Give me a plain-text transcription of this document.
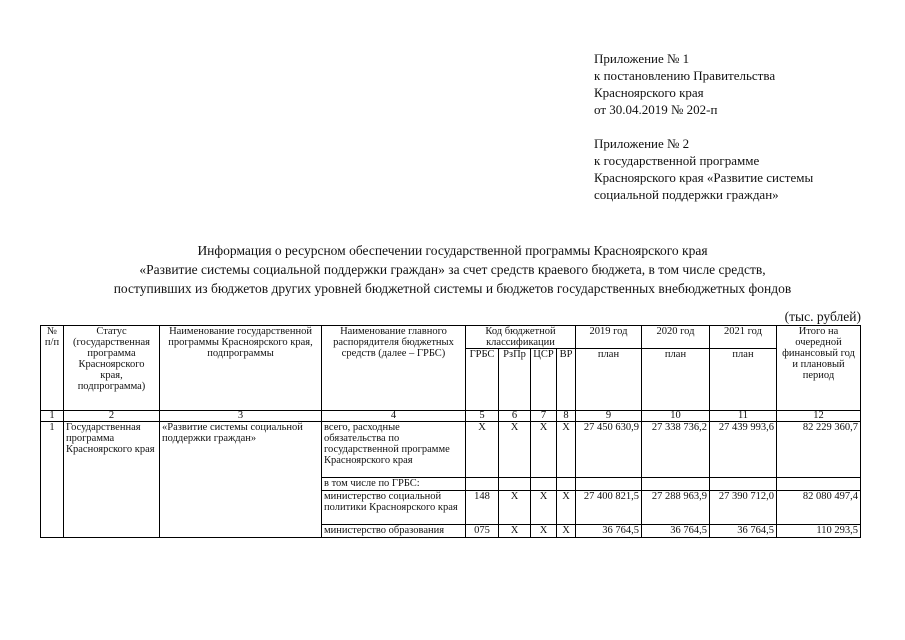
Приложение № 1
к постановлению Правительства
Красноярского края
от 30.04.2019 № 202-п
Приложение № 2
к государственной программе
Красноярского края «Развитие системы
социальной поддержки граждан»
Информация о ресурсном обеспечении государственной программы Красноярского края
«Развитие системы социальной поддержки граждан» за счет средств краевого бюджета, в том числе средств,
поступивших из бюджетов других уровней бюджетной системы и бюджетов государственных внебюджетных фондов
(тыс. рублей)
№ п/п	Статус (государственная программа Красноярского края, подпрограмма)	Наименование государственной программы Красноярского края, подпрограммы	Наименование главного распорядителя бюджетных средств (далее – ГРБС)	Код бюджетной классификации				2019 год	2020 год	2021 год	Итого на очередной финансовый год и плановый период
				ГРБС	РзПр	ЦСР	ВР	план	план	план	
1	2	3	4	5	6	7	8	9	10	11	12
1	Государственная программа Красноярского края	«Развитие системы социальной поддержки граждан»	всего, расходные обязательства по государственной программе Красноярского края	Х	Х	Х	Х	27 450 630,9	27 338 736,2	27 439 993,6	82 229 360,7
			в том числе по ГРБС:								
			министерство социальной политики Красноярского края	148	Х	Х	Х	27 400 821,5	27 288 963,9	27 390 712,0	82 080 497,4
			министерство образования	075	Х	Х	Х	36 764,5	36 764,5	36 764,5	110 293,5
